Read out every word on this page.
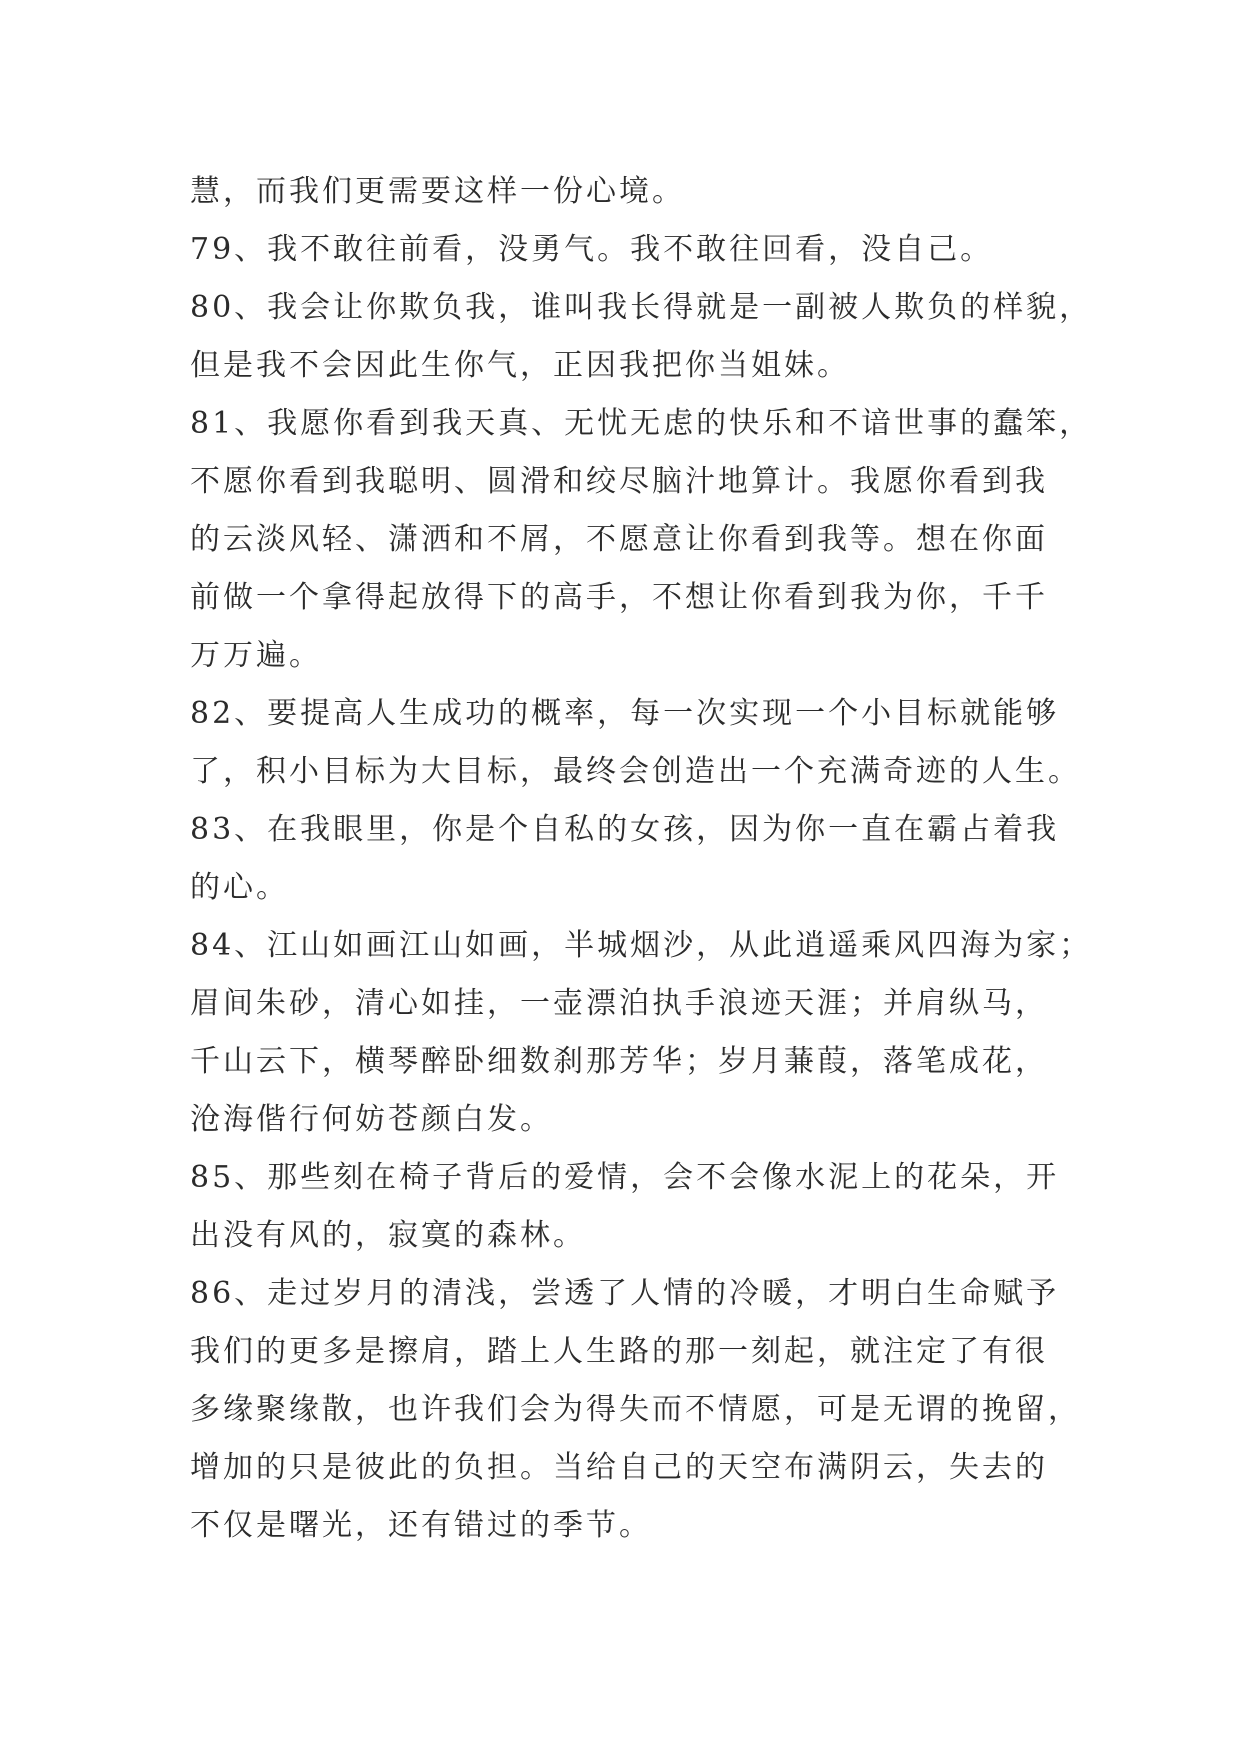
慧，而我们更需要这样一份心境。

79、我不敢往前看，没勇气。我不敢往回看，没自己。

80、我会让你欺负我，谁叫我长得就是一副被人欺负的样貌，
但是我不会因此生你气，正因我把你当姐妹。

81、我愿你看到我天真、无忧无虑的快乐和不谙世事的蠢笨，
不愿你看到我聪明、圆滑和绞尽脑汁地算计。我愿你看到我
的云淡风轻、潇洒和不屑，不愿意让你看到我等。想在你面
前做一个拿得起放得下的高手，不想让你看到我为你，千千
万万遍。

82、要提高人生成功的概率，每一次实现一个小目标就能够
了，积小目标为大目标，最终会创造出一个充满奇迹的人生。

83、在我眼里，你是个自私的女孩，因为你一直在霸占着我
的心。

84、江山如画江山如画，半城烟沙，从此逍遥乘风四海为家；
眉间朱砂，清心如挂，一壶漂泊执手浪迹天涯；并肩纵马，
千山云下，横琴醉卧细数刹那芳华；岁月蒹葭，落笔成花，
沧海偕行何妨苍颜白发。

85、那些刻在椅子背后的爱情，会不会像水泥上的花朵，开
出没有风的，寂寞的森林。

86、走过岁月的清浅，尝透了人情的冷暖，才明白生命赋予
我们的更多是擦肩，踏上人生路的那一刻起，就注定了有很
多缘聚缘散，也许我们会为得失而不情愿，可是无谓的挽留，
增加的只是彼此的负担。当给自己的天空布满阴云，失去的
不仅是曙光，还有错过的季节。
